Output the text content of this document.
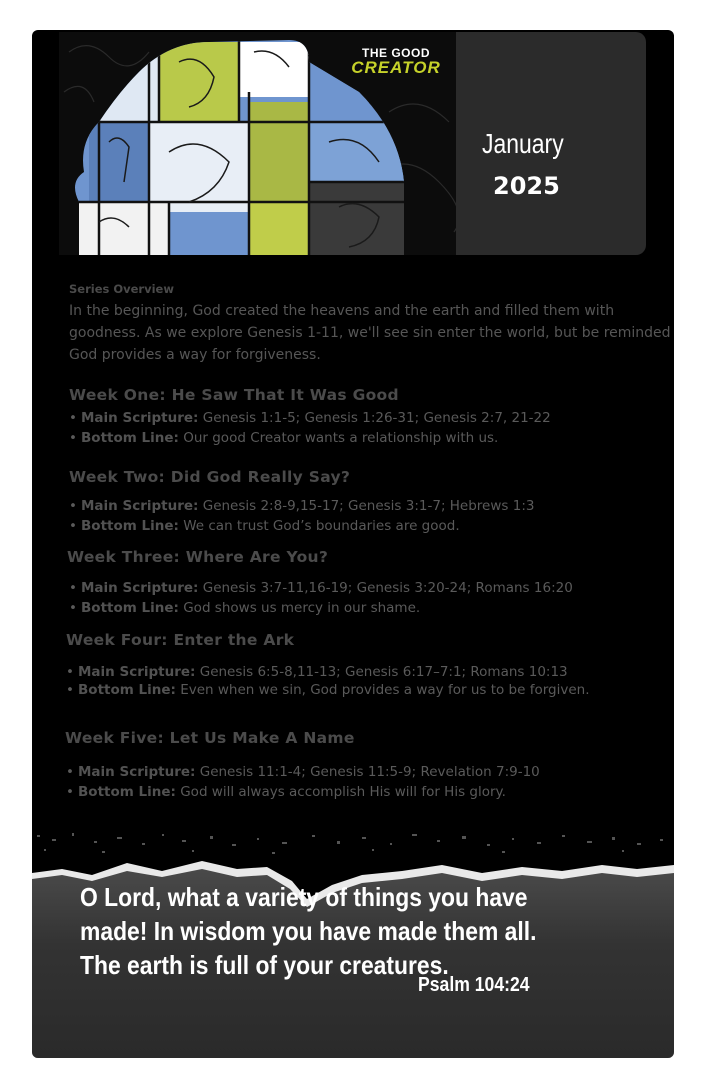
THE GOOD
CREATOR
January
2025
Series Overview
In the beginning, God created the heavens and the earth and filled them with goodness. As we explore Genesis 1-11, we'll see sin enter the world, but be reminded God provides a way for forgiveness.
Week One: He Saw That It Was Good
• Main Scripture: Genesis 1:1-5; Genesis 1:26-31; Genesis 2:7, 21-22
• Bottom Line: Our good Creator wants a relationship with us.
Week Two: Did God Really Say?
• Main Scripture: Genesis 2:8-9,15-17; Genesis 3:1-7; Hebrews 1:3
• Bottom Line: We can trust God’s boundaries are good.
Week Three: Where Are You?
• Main Scripture: Genesis 3:7-11,16-19; Genesis 3:20-24; Romans 16:20
• Bottom Line: God shows us mercy in our shame.
Week Four: Enter the Ark
• Main Scripture: Genesis 6:5-8,11-13; Genesis 6:17–7:1; Romans 10:13
• Bottom Line: Even when we sin, God provides a way for us to be forgiven.
Week Five: Let Us Make A Name
• Main Scripture: Genesis 11:1-4; Genesis 11:5-9; Revelation 7:9-10
• Bottom Line: God will always accomplish His will for His glory.
O Lord, what a variety of things you have made! In wisdom you have made them all. The earth is full of your creatures.
Psalm 104:24
